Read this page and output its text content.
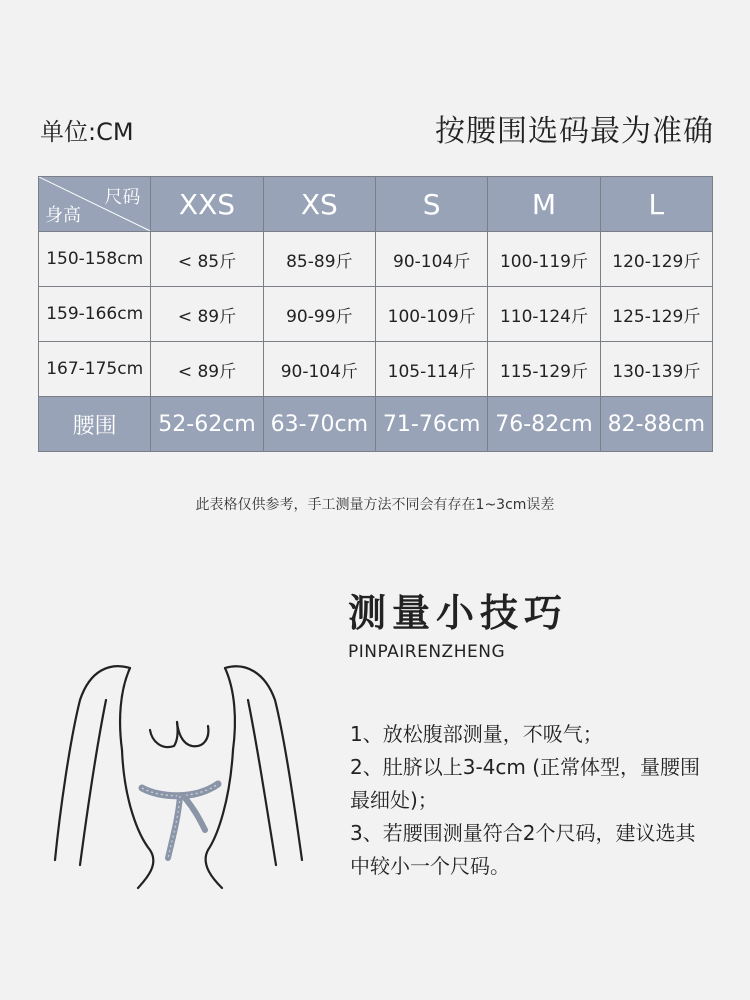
单位:CM	按腰围选码最为准确
尺码
身高	XXS	XS	S	M	L
150-158cm	< 85斤	85-89斤	90-104斤	100-119斤	120-129斤
159-166cm	< 89斤	90-99斤	100-109斤	110-124斤	125-129斤
167-175cm	< 89斤	90-104斤	105-114斤	115-129斤	130-139斤
腰围	52-62cm	63-70cm	71-76cm	76-82cm	82-88cm
此表格仅供参考，手工测量方法不同会有存在1~3cm误差
测量小技巧
PINPAIRENZHENG

1、放松腹部测量，不吸气；

2、肚脐以上3-4cm (正常体型，量腰围最细处)；

3、若腰围测量符合2个尺码，建议选其中较小一个尺码。
